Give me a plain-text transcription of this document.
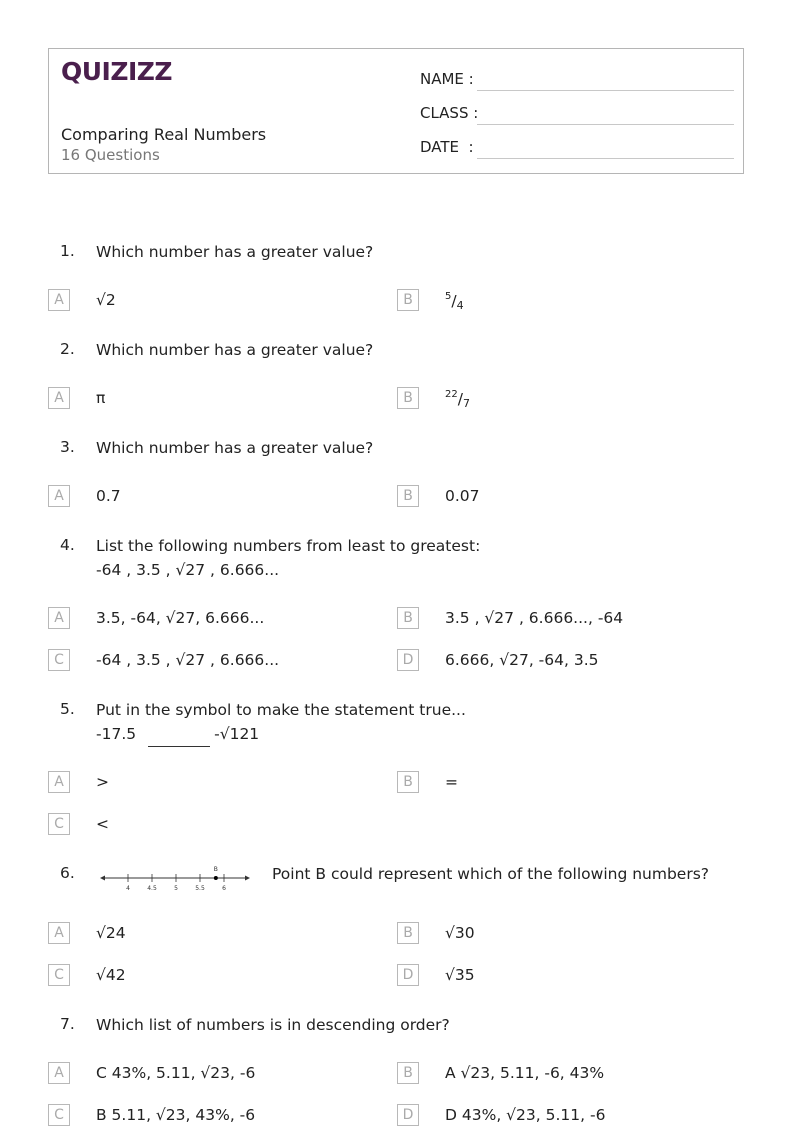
QUIZIZZ
Comparing Real Numbers
16 Questions
NAME :
CLASS :
DATE  :
1. Which number has a greater value?
A	√2	B	$^5/_4$
2. Which number has a greater value?
A	π	B	$^{22}/_7$
3. Which number has a greater value?
A	0.7	B	0.07
4. List the following numbers from least to greatest:
-64 , 3.5 , √27 , 6.666...
A	3.5, -64, √27, 6.666...	B	3.5 , √27 , 6.666..., -64
C	-64 , 3.5 , √27 , 6.666...	D	6.666, √27, -64, 3.5
5. Put in the symbol to make the statement true...
-17.5	-√121
A	>	B	=
C	<
6.
4	4.5	5	5.5	6
B	Point B could represent which of the following numbers?
A	√24	B	√30
C	√42	D	√35
7. Which list of numbers is in descending order?
A	C 43%, 5.11, √23, -6	B	A √23, 5.11, -6, 43%
C	B 5.11, √23, 43%, -6	D	D 43%, √23, 5.11, -6
